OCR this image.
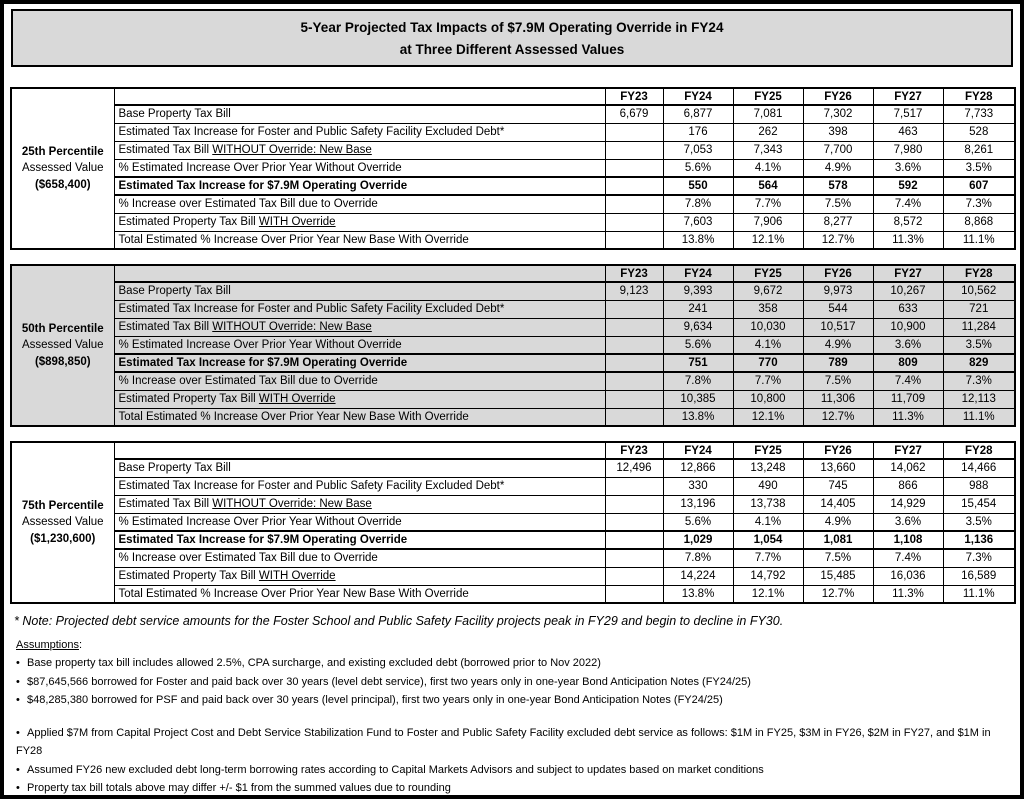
5-Year Projected Tax Impacts of $7.9M Operating Override in FY24
at Three Different Assessed Values
25th Percentile
Assessed Value
($658,400)		FY23	FY24	FY25	FY26	FY27	FY28
	Base Property Tax Bill	6,679	6,877	7,081	7,302	7,517	7,733
	Estimated Tax Increase for Foster and Public Safety Facility Excluded Debt*		176	262	398	463	528
	Estimated Tax Bill WITHOUT Override: New Base		7,053	7,343	7,700	7,980	8,261
	% Estimated Increase Over Prior Year Without Override		5.6%	4.1%	4.9%	3.6%	3.5%
	Estimated Tax Increase for $7.9M Operating Override		550	564	578	592	607
	% Increase over Estimated Tax Bill due to Override		7.8%	7.7%	7.5%	7.4%	7.3%
	Estimated Property Tax Bill WITH Override		7,603	7,906	8,277	8,572	8,868
	Total Estimated % Increase Over Prior Year New Base With Override		13.8%	12.1%	12.7%	11.3%	11.1%
50th Percentile
Assessed Value
($898,850)		FY23	FY24	FY25	FY26	FY27	FY28
	Base Property Tax Bill	9,123	9,393	9,672	9,973	10,267	10,562
	Estimated Tax Increase for Foster and Public Safety Facility Excluded Debt*		241	358	544	633	721
	Estimated Tax Bill WITHOUT Override: New Base		9,634	10,030	10,517	10,900	11,284
	% Estimated Increase Over Prior Year Without Override		5.6%	4.1%	4.9%	3.6%	3.5%
	Estimated Tax Increase for $7.9M Operating Override		751	770	789	809	829
	% Increase over Estimated Tax Bill due to Override		7.8%	7.7%	7.5%	7.4%	7.3%
	Estimated Property Tax Bill WITH Override		10,385	10,800	11,306	11,709	12,113
	Total Estimated % Increase Over Prior Year New Base With Override		13.8%	12.1%	12.7%	11.3%	11.1%
75th Percentile
Assessed Value
($1,230,600)		FY23	FY24	FY25	FY26	FY27	FY28
	Base Property Tax Bill	12,496	12,866	13,248	13,660	14,062	14,466
	Estimated Tax Increase for Foster and Public Safety Facility Excluded Debt*		330	490	745	866	988
	Estimated Tax Bill WITHOUT Override: New Base		13,196	13,738	14,405	14,929	15,454
	% Estimated Increase Over Prior Year Without Override		5.6%	4.1%	4.9%	3.6%	3.5%
	Estimated Tax Increase for $7.9M Operating Override		1,029	1,054	1,081	1,108	1,136
	% Increase over Estimated Tax Bill due to Override		7.8%	7.7%	7.5%	7.4%	7.3%
	Estimated Property Tax Bill WITH Override		14,224	14,792	15,485	16,036	16,589
	Total Estimated % Increase Over Prior Year New Base With Override		13.8%	12.1%	12.7%	11.3%	11.1%
* Note: Projected debt service amounts for the Foster School and Public Safety Facility projects peak in FY29 and begin to decline in FY30.
Assumptions:
• Base property tax bill includes allowed 2.5%, CPA surcharge, and existing excluded debt (borrowed prior to Nov 2022)
• $87,645,566 borrowed for Foster and paid back over 30 years (level debt service), first two years only in one-year Bond Anticipation Notes (FY24/25)
• $48,285,380 borrowed for PSF and paid back over 30 years (level principal), first two years only in one-year Bond Anticipation Notes (FY24/25)
• Applied $7M from Capital Project Cost and Debt Service Stabilization Fund to Foster and Public Safety Facility excluded debt service as follows: $1M in FY25, $3M in FY26, $2M in FY27, and $1M in FY28
• Assumed FY26 new excluded debt long-term borrowing rates according to Capital Markets Advisors and subject to updates based on market conditions
• Property tax bill totals above may differ +/- $1 from the summed values due to rounding
